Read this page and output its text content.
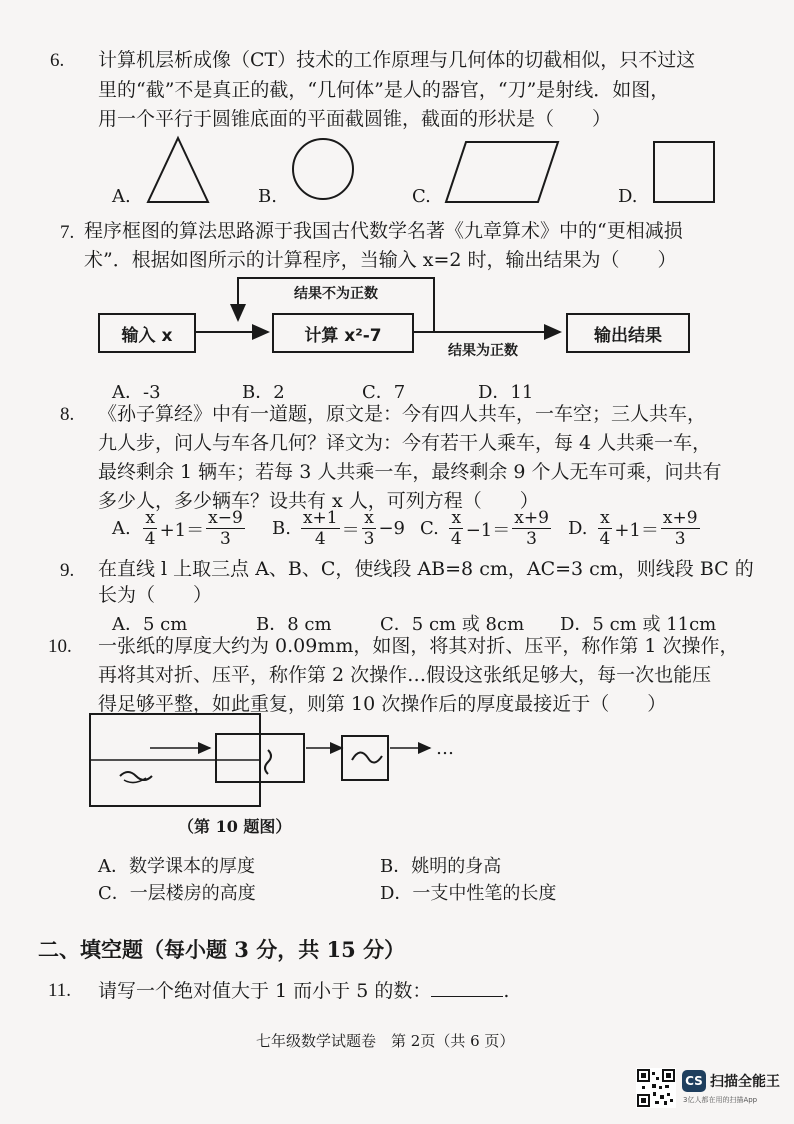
6. 计算机层析成像（CT）技术的工作原理与几何体的切截相似，只不过这
里的“截”不是真正的截，“几何体”是人的器官，“刀”是射线．如图，
用一个平行于圆锥底面的平面截圆锥，截面的形状是（　　）
A.	B.	C.	D.
7. 程序框图的算法思路源于我国古代数学名著《九章算术》中的“更相减损
术”．根据如图所示的计算程序，当输入 x=2 时，输出结果为（　　）
输入 x	计算 x²-7	输出结果
结果不为正数
结果为正数
A．-3	B．2	C．7	D．11
8. 《孙子算经》中有一道题，原文是：今有四人共车，一车空；三人共车，
九人步，问人与车各几何？译文为：今有若干人乘车，每 4 人共乘一车，
最终剩余 1 辆车；若每 3 人共乘一车，最终剩余 9 个人无车可乘，问共有
多少人，多少辆车？设共有 x 人，可列方程（　　）
A. $\frac{x}{4} +1= \frac{x-9}{3} B$. $\frac{x+1}{4} = \frac{x}{3} -9$ C. $\frac{x}{4} -1= \frac{x+9}{3} D$. $\frac{x}{4} +1= \frac{x+9}{3}$
9. 在直线 l 上取三点 A、B、C，使线段 AB=8 cm，AC=3 cm，则线段 BC 的
长为（　　）
A．5 cm	B．8 cm	C．5 cm 或 8cm D．5 cm 或 11cm
10. 一张纸的厚度大约为 0.09mm，如图，将其对折、压平，称作第 1 次操作，
再将其对折、压平，称作第 2 次操作…假设这张纸足够大，每一次也能压
得足够平整，如此重复，则第 10 次操作后的厚度最接近于（　　）
…
（第 10 题图）
A．数学课本的厚度	B．姚明的身高
C．一层楼房的高度	D．一支中性笔的长度
二、填空题（每小题 3 分，共 15 分）
11. 请写一个绝对值大于 1 而小于 5 的数：	.
七年级数学试题卷　第 2页（共 6 页）
CS 扫描全能王
3亿人都在用的扫描App
